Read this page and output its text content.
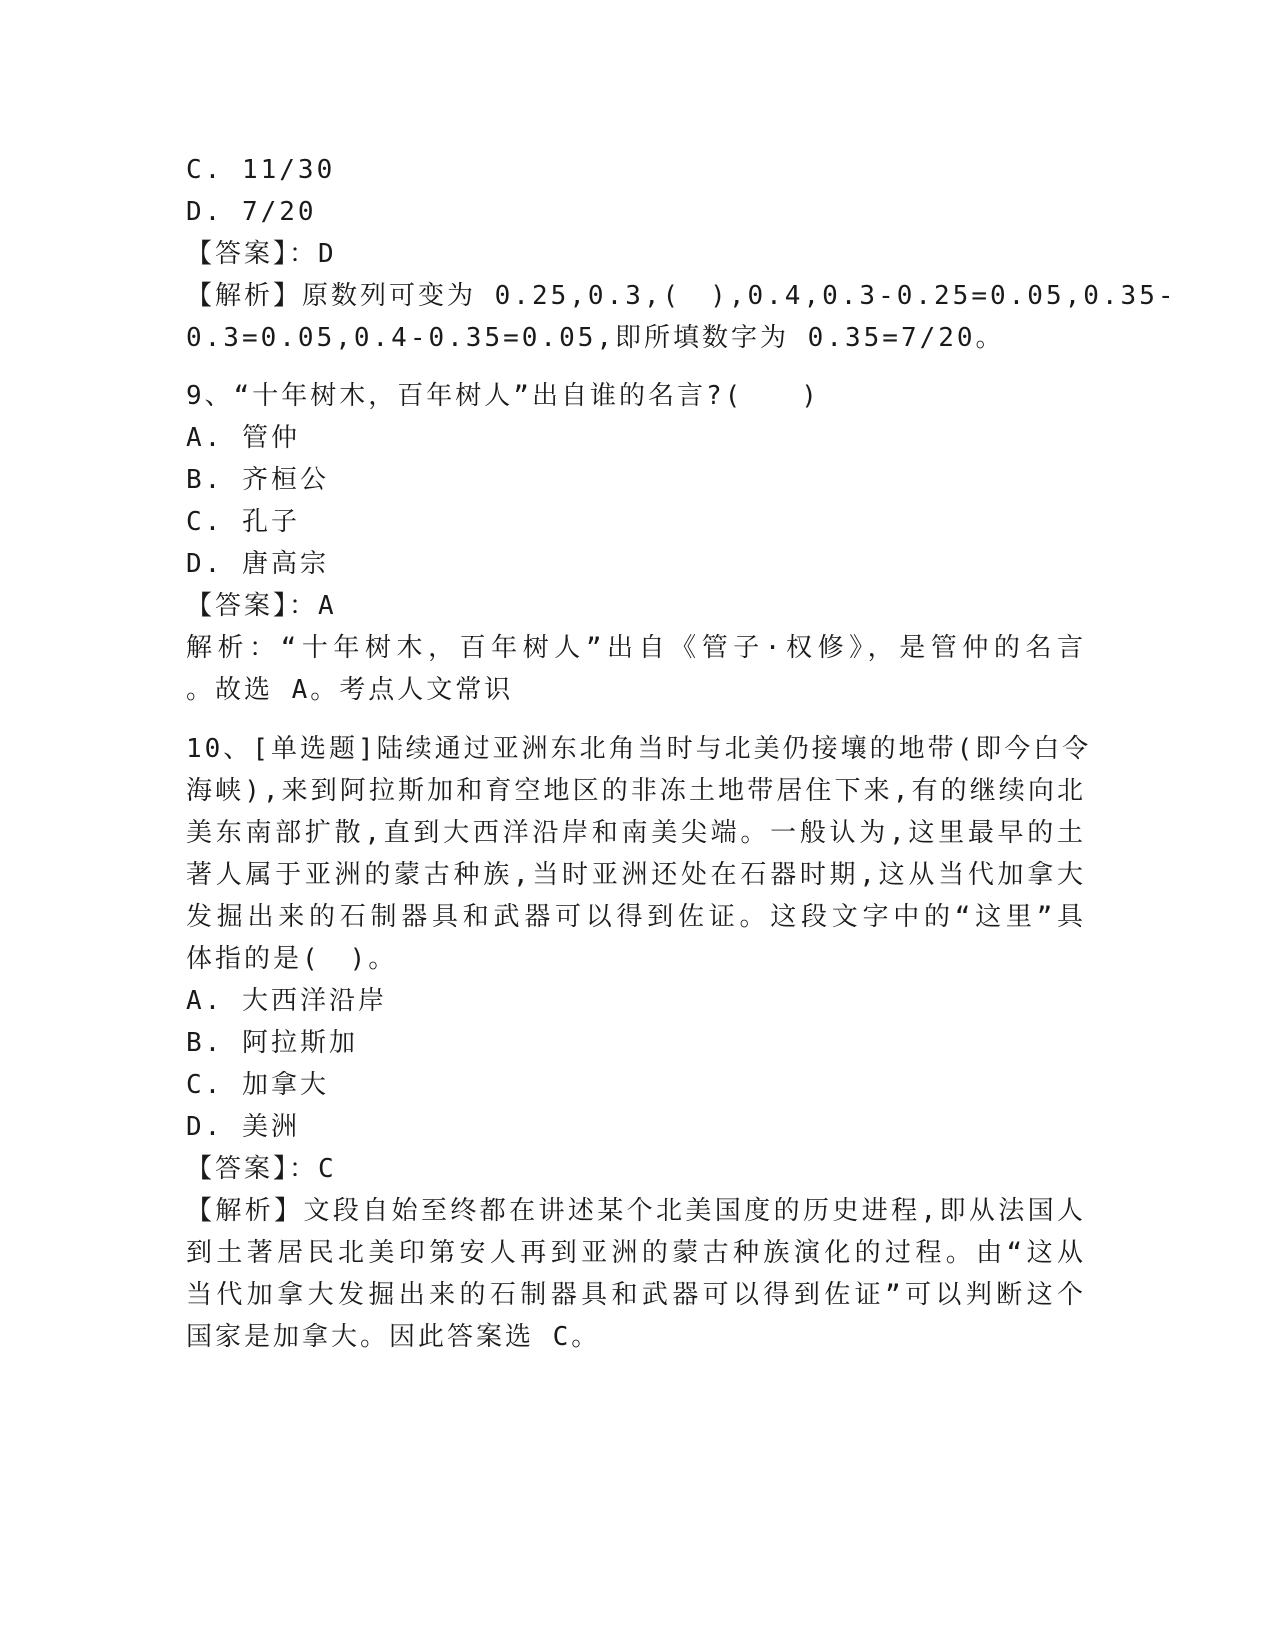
C. 11/30
D. 7/20
【答案】：D
【解析】原数列可变为 0.25,0.3,(　),0.4,0.3-0.25=0.05,0.35-
0.3=0.05,0.4-0.35=0.05,即所填数字为 0.35=7/20。
9、“十年树木，百年树人”出自谁的名言?(　　)
A. 管仲
B. 齐桓公
C. 孔子
D. 唐高宗
【答案】：A
解析：“十年树木，百年树人”出自《管子·权修》，是管仲的名言
。故选 A。考点人文常识
10、[单选题]陆续通过亚洲东北角当时与北美仍接壤的地带(即今白令
海峡),来到阿拉斯加和育空地区的非冻土地带居住下来,有的继续向北
美东南部扩散,直到大西洋沿岸和南美尖端。一般认为,这里最早的土
著人属于亚洲的蒙古种族,当时亚洲还处在石器时期,这从当代加拿大
发掘出来的石制器具和武器可以得到佐证。这段文字中的“这里”具
体指的是(　)。
A. 大西洋沿岸
B. 阿拉斯加
C. 加拿大
D. 美洲
【答案】：C
【解析】文段自始至终都在讲述某个北美国度的历史进程,即从法国人
到土著居民北美印第安人再到亚洲的蒙古种族演化的过程。由“这从
当代加拿大发掘出来的石制器具和武器可以得到佐证”可以判断这个
国家是加拿大。因此答案选 C。
